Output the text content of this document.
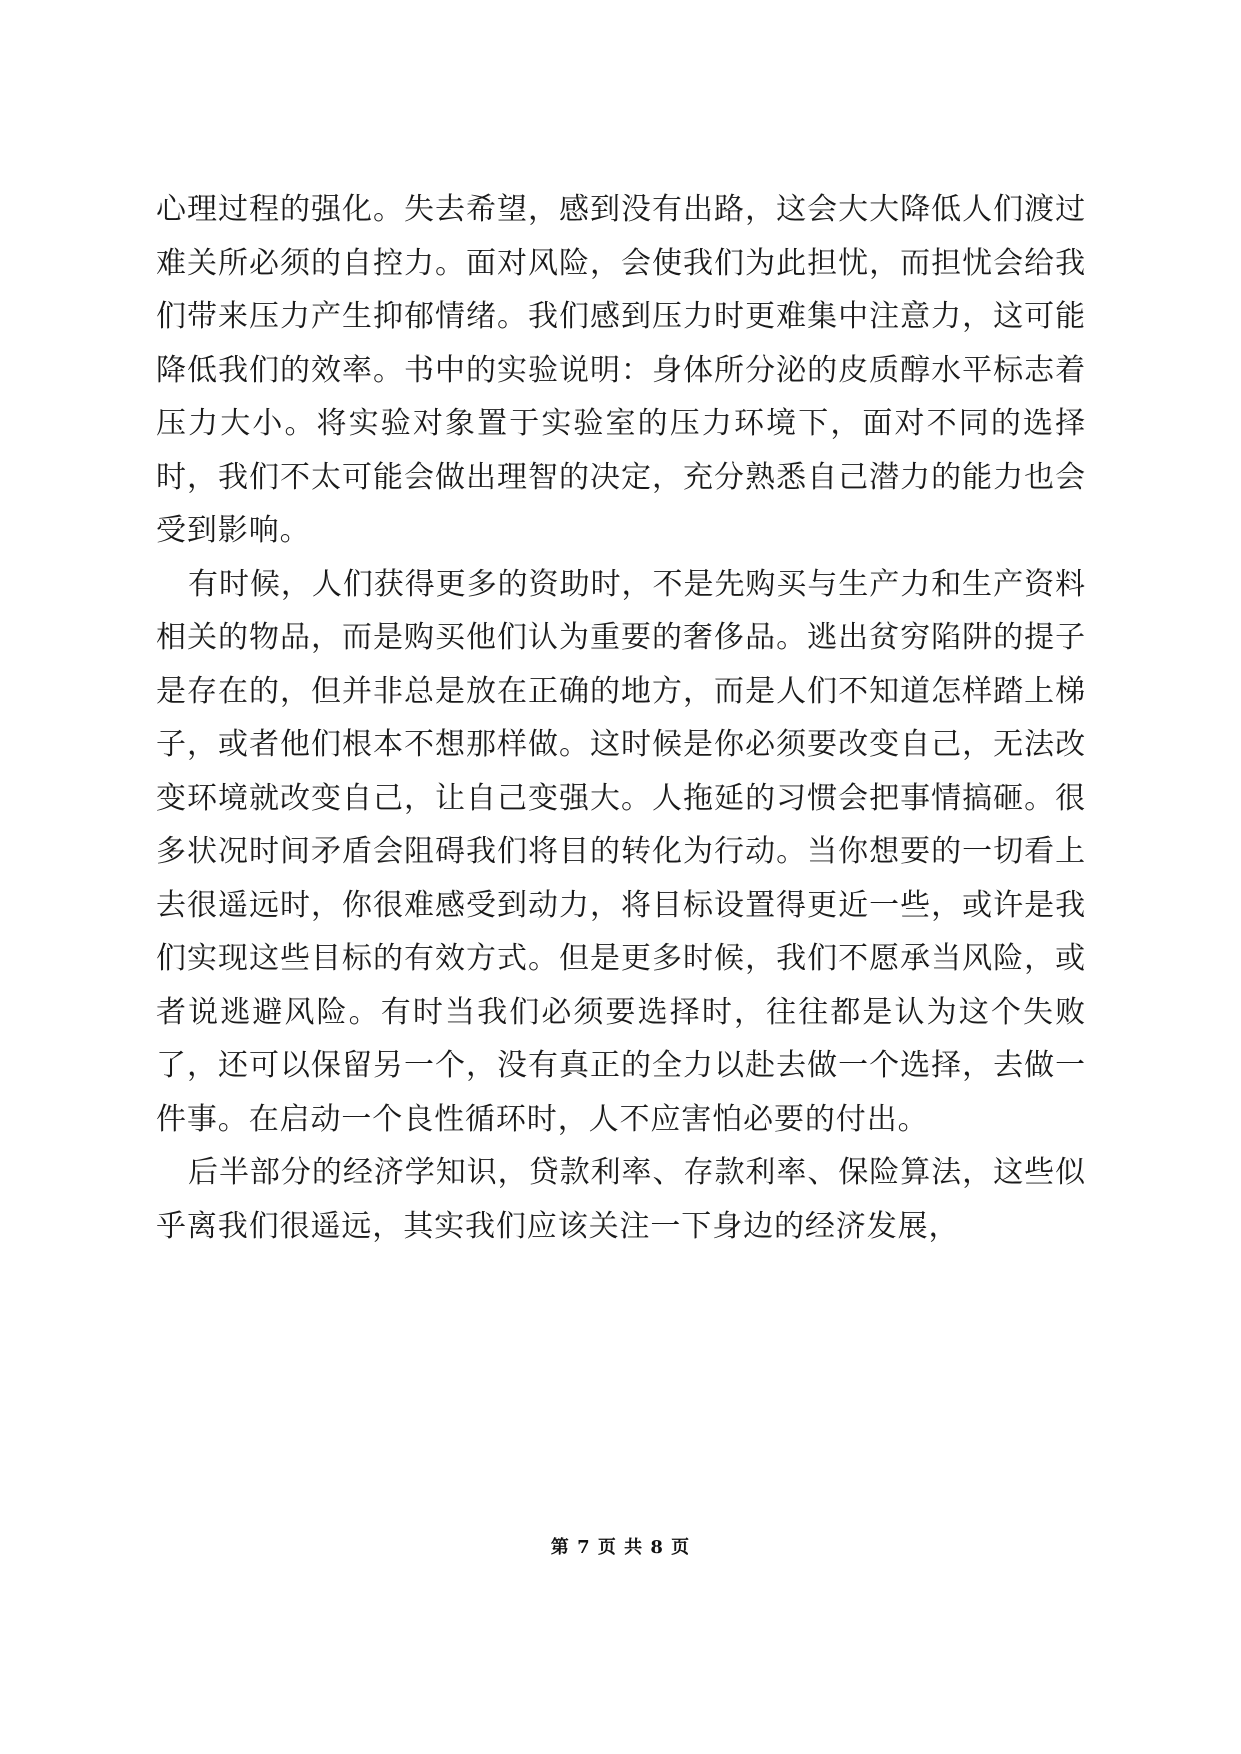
心理过程的强化。失去希望，感到没有出路，这会大大降低人们渡过难关所必须的自控力。面对风险，会使我们为此担忧，而担忧会给我们带来压力产生抑郁情绪。我们感到压力时更难集中注意力，这可能降低我们的效率。书中的实验说明：身体所分泌的皮质醇水平标志着压力大小。将实验对象置于实验室的压力环境下，面对不同的选择时，我们不太可能会做出理智的决定，充分熟悉自己潜力的能力也会受到影响。

有时候，人们获得更多的资助时，不是先购买与生产力和生产资料相关的物品，而是购买他们认为重要的奢侈品。逃出贫穷陷阱的提子是存在的，但并非总是放在正确的地方，而是人们不知道怎样踏上梯子，或者他们根本不想那样做。这时候是你必须要改变自己，无法改变环境就改变自己，让自己变强大。人拖延的习惯会把事情搞砸。很多状况时间矛盾会阻碍我们将目的转化为行动。当你想要的一切看上去很遥远时，你很难感受到动力，将目标设置得更近一些，或许是我们实现这些目标的有效方式。但是更多时候，我们不愿承当风险，或者说逃避风险。有时当我们必须要选择时，往往都是认为这个失败了，还可以保留另一个，没有真正的全力以赴去做一个选择，去做一件事。在启动一个良性循环时，人不应害怕必要的付出。

后半部分的经济学知识，贷款利率、存款利率、保险算法，这些似乎离我们很遥远，其实我们应该关注一下身边的经济发展，

第 7 页 共 8 页
